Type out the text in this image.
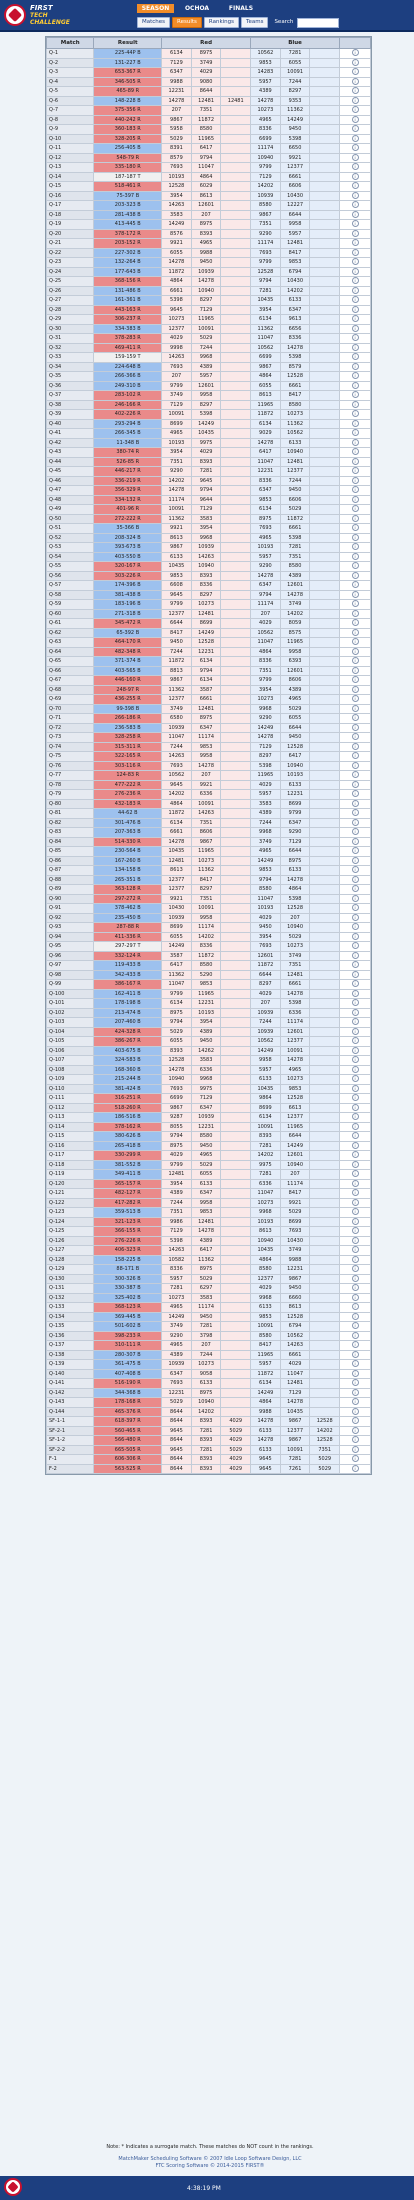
FIRST
TECH
CHALLENGE
SEASON	OCHOA	FINALS
Matches	Results	Rankings	Teams	Search
Match	Result	Red			Blue			
Q-1	225-44P B	6134	8975		10562	7281		i
Q-2	131-227 B	7129	3749		9853	6055		i
Q-3	653-367 R	6347	4029		14283	10091		i
Q-4	346-505 R	9988	9080		5957	7244		i
Q-5	465-89 R	12231	8644		4389	8297		i
Q-6	148-228 B	14278	12481	12481	14278	9353		i
Q-7	375-356 R	207	7351		10273	11362		i
Q-8	440-242 R	9867	11872		4965	14249		i
Q-9	360-183 R	5958	8580		8336	9450		i
Q-10	328-205 R	5029	11965		6699	5398		i
Q-11	256-405 B	8391	6417		11174	6650		i
Q-12	548-79 R	8579	9794		10940	9921		i
Q-13	335-180 R	7693	11047		9799	12377		i
Q-14	187-187 T	10193	4864		7129	6661		i
Q-15	518-461 R	12528	6029		14202	6606		i
Q-16	75-397 B	3954	8613		10939	10430		i
Q-17	203-323 B	14263	12601		8580	12227		i
Q-18	281-438 B	3583	207		9867	6644		i
Q-19	413-445 B	14249	8975		7351	9958		i
Q-20	378-172 R	8576	8393		9290	5957		i
Q-21	203-152 R	9921	4965		11174	12481		i
Q-22	227-302 B	6055	9988		7693	8417		i
Q-23	132-264 B	14278	9450		9799	9853		i
Q-24	177-643 B	11872	10939		12528	6794		i
Q-25	368-156 R	4864	14278		9794	10430		i
Q-26	131-486 B	6661	10940		7281	14202		i
Q-27	161-361 B	5398	8297		10435	6133		i
Q-28	443-163 R	9645	7129		3954	6347		i
Q-29	306-237 R	10273	11965		6134	9613		i
Q-30	334-383 B	12377	10091		11362	6656		i
Q-31	378-283 R	4029	5029		11047	8336		i
Q-32	469-411 R	9998	7244		10562	14278		i
Q-33	159-159 T	14263	9968		6699	5398		i
Q-34	224-648 B	7693	4389		9867	8579		i
Q-35	266-366 B	207	5957		4864	12528		i
Q-36	249-310 B	9799	12601		6055	6661		i
Q-37	283-102 R	3749	9958		8613	8417		i
Q-38	246-166 R	7129	8297		11965	8580		i
Q-39	402-226 R	10091	5398		11872	10273		i
Q-40	293-294 B	8699	14249		6134	11362		i
Q-41	266-345 B	4965	10435		9029	10562		i
Q-42	11-348 B	10193	9975		14278	6133		i
Q-43	380-74 R	3954	4029		6417	10940		i
Q-44	526-85 R	7351	8393		11047	12481		i
Q-45	446-217 R	9290	7281		12231	12377		i
Q-46	336-219 R	14202	9645		8336	7244		i
Q-47	356-329 R	14278	9794		6347	9450		i
Q-48	334-132 R	11174	9644		9853	6606		i
Q-49	401-96 R	10091	7129		6134	5029		i
Q-50	272-222 R	11362	3583		8975	11872		i
Q-51	35-366 B	9921	3954		7693	6661		i
Q-52	208-324 B	8613	9968		4965	5398		i
Q-53	393-673 B	9867	10939		10193	7281		i
Q-54	403-550 B	6133	14263		5957	7351		i
Q-55	320-167 R	10435	10940		9290	8580		i
Q-56	303-226 R	9853	8393		14278	4389		i
Q-57	174-396 B	6608	8336		6347	12601		i
Q-58	381-438 B	9645	8297		9794	14278		i
Q-59	183-196 B	9799	10273		11174	3749		i
Q-60	271-318 B	12377	12481		207	14202		i
Q-61	345-472 R	6644	8699		4029	8059		i
Q-62	65-392 B	8417	14249		10562	8575		i
Q-63	464-170 R	9450	12528		11047	11965		i
Q-64	482-348 R	7244	12231		4864	9958		i
Q-65	371-374 B	11872	6134		8336	6393		i
Q-66	403-565 B	8813	9794		7351	12601		i
Q-67	446-160 R	9867	6134		9799	8606		i
Q-68	248-97 R	11362	3587		3954	4389		i
Q-69	436-255 R	12377	6661		10273	4965		i
Q-70	99-398 B	3749	12481		9968	5029		i
Q-71	266-186 R	6580	8975		9290	6055		i
Q-72	236-583 B	10939	6347		14249	6644		i
Q-73	328-258 R	11047	11174		14278	9450		i
Q-74	315-311 R	7244	9853		7129	12528		i
Q-75	322-165 R	14263	9958		8297	6417		i
Q-76	303-116 R	7693	14278		5398	10940		i
Q-77	124-83 R	10562	207		11965	10193		i
Q-78	477-222 R	9645	9921		4029	6133		i
Q-79	276-236 R	14202	6336		5957	12231		i
Q-80	432-183 R	4864	10091		3583	8699		i
Q-81	44-62 B	11872	14263		4389	9799		i
Q-82	301-476 B	6134	7351		7244	6347		i
Q-83	207-363 B	6661	8606		9968	9290		i
Q-84	514-330 R	14278	9867		3749	7129		i
Q-85	230-564 B	10435	11965		4965	6644		i
Q-86	167-260 B	12481	10273		14249	8975		i
Q-87	134-158 B	8613	11362		9853	6133		i
Q-88	265-351 B	12377	8417		9794	14278		i
Q-89	363-128 R	12377	8297		8580	4864		i
Q-90	297-272 R	9921	7351		11047	5398		i
Q-91	378-462 B	10430	10091		10193	12528		i
Q-92	235-450 B	10939	9958		4029	207		i
Q-93	287-88 R	8699	11174		9450	10940		i
Q-94	411-336 R	6055	14202		3954	5029		i
Q-95	297-297 T	14249	8336		7693	10273		i
Q-96	332-124 R	3587	11872		12601	3749		i
Q-97	119-433 B	6417	8580		11872	7351		i
Q-98	342-433 B	11362	5290		6644	12481		i
Q-99	386-167 R	11047	9853		8297	6661		i
Q-100	162-411 B	9799	11965		4029	14278		i
Q-101	178-198 B	6134	12231		207	5398		i
Q-102	213-474 B	8975	10193		10939	6336		i
Q-103	207-460 B	9794	3954		7244	11174		i
Q-104	424-328 R	5029	4389		10939	12601		i
Q-105	386-267 R	6055	9450		10562	12377		i
Q-106	403-675 B	8393	14262		14249	10091		i
Q-107	324-583 B	12528	3583		9958	14278		i
Q-108	168-360 B	14278	6336		5957	4965		i
Q-109	215-244 B	10940	9968		6133	10273		i
Q-110	381-424 B	7693	9975		10435	9853		i
Q-111	316-251 R	6699	7129		9864	12528		i
Q-112	518-260 R	9867	6347		8699	6613		i
Q-113	186-516 B	9287	10939		6134	12377		i
Q-114	378-162 R	8055	12231		10091	11965		i
Q-115	380-626 B	9794	8580		8393	6644		i
Q-116	265-418 B	8975	9450		7281	14249		i
Q-117	330-299 R	4029	4965		14202	12601		i
Q-118	381-552 B	9799	5029		9975	10940		i
Q-119	349-411 B	12481	6055		7281	207		i
Q-120	365-157 R	3954	6133		6336	11174		i
Q-121	482-127 R	4389	6347		11047	8417		i
Q-122	417-282 R	7244	9958		10273	9921		i
Q-123	359-513 B	7351	9853		9968	5029		i
Q-124	321-123 R	9986	12481		10193	8699		i
Q-125	366-155 R	7129	14278		8613	7693		i
Q-126	276-226 R	5398	4389		10940	10430		i
Q-127	406-323 R	14263	6417		10435	3749		i
Q-128	158-225 B	10582	11362		4864	9988		i
Q-129	88-171 B	8336	8975		8580	12231		i
Q-130	300-326 B	5957	5029		12377	9867		i
Q-131	330-387 B	7281	6297		4029	9450		i
Q-132	325-402 B	10273	3583		9968	6660		i
Q-133	368-123 R	4965	11174		6133	8613		i
Q-134	369-445 B	14249	9450		9853	12528		i
Q-135	501-602 B	3749	7281		10091	6794		i
Q-136	398-233 R	9290	3798		8580	10562		i
Q-137	310-111 R	4965	207		8417	14263		i
Q-138	280-307 B	4389	7244		11965	6661		i
Q-139	361-475 B	10939	10273		5957	4029		i
Q-140	407-408 B	6347	9058		11872	11047		i
Q-141	516-190 R	7693	6133		6134	12481		i
Q-142	344-368 B	12231	8975		14249	7129		i
Q-143	178-168 R	5029	10940		4864	14278		i
Q-144	465-376 R	8644	14202		9988	10435		i
SF-1-1	618-397 R	8644	8393	4029	14278	9867	12528	i
SF-2-1	560-465 R	9645	7281	5029	6133	12377	14202	i
SF-1-2	566-480 R	8644	8393	4029	14278	9867	12528	i
SF-2-2	665-505 R	9645	7281	5029	6133	10091	7351	i
F-1	606-306 R	8644	8393	4029	9645	7281	5029	i
F-2	563-525 R	8644	8393	4029	9645	7261	5029	i
Note: * Indicates a surrogate match. These matches do NOT count in the rankings.
MatchMaker Scheduling Software © 2007 Idle Loop Software Design, LLC
FTC Scoring Software © 2014-2015 FIRST®
4:38:19 PM
